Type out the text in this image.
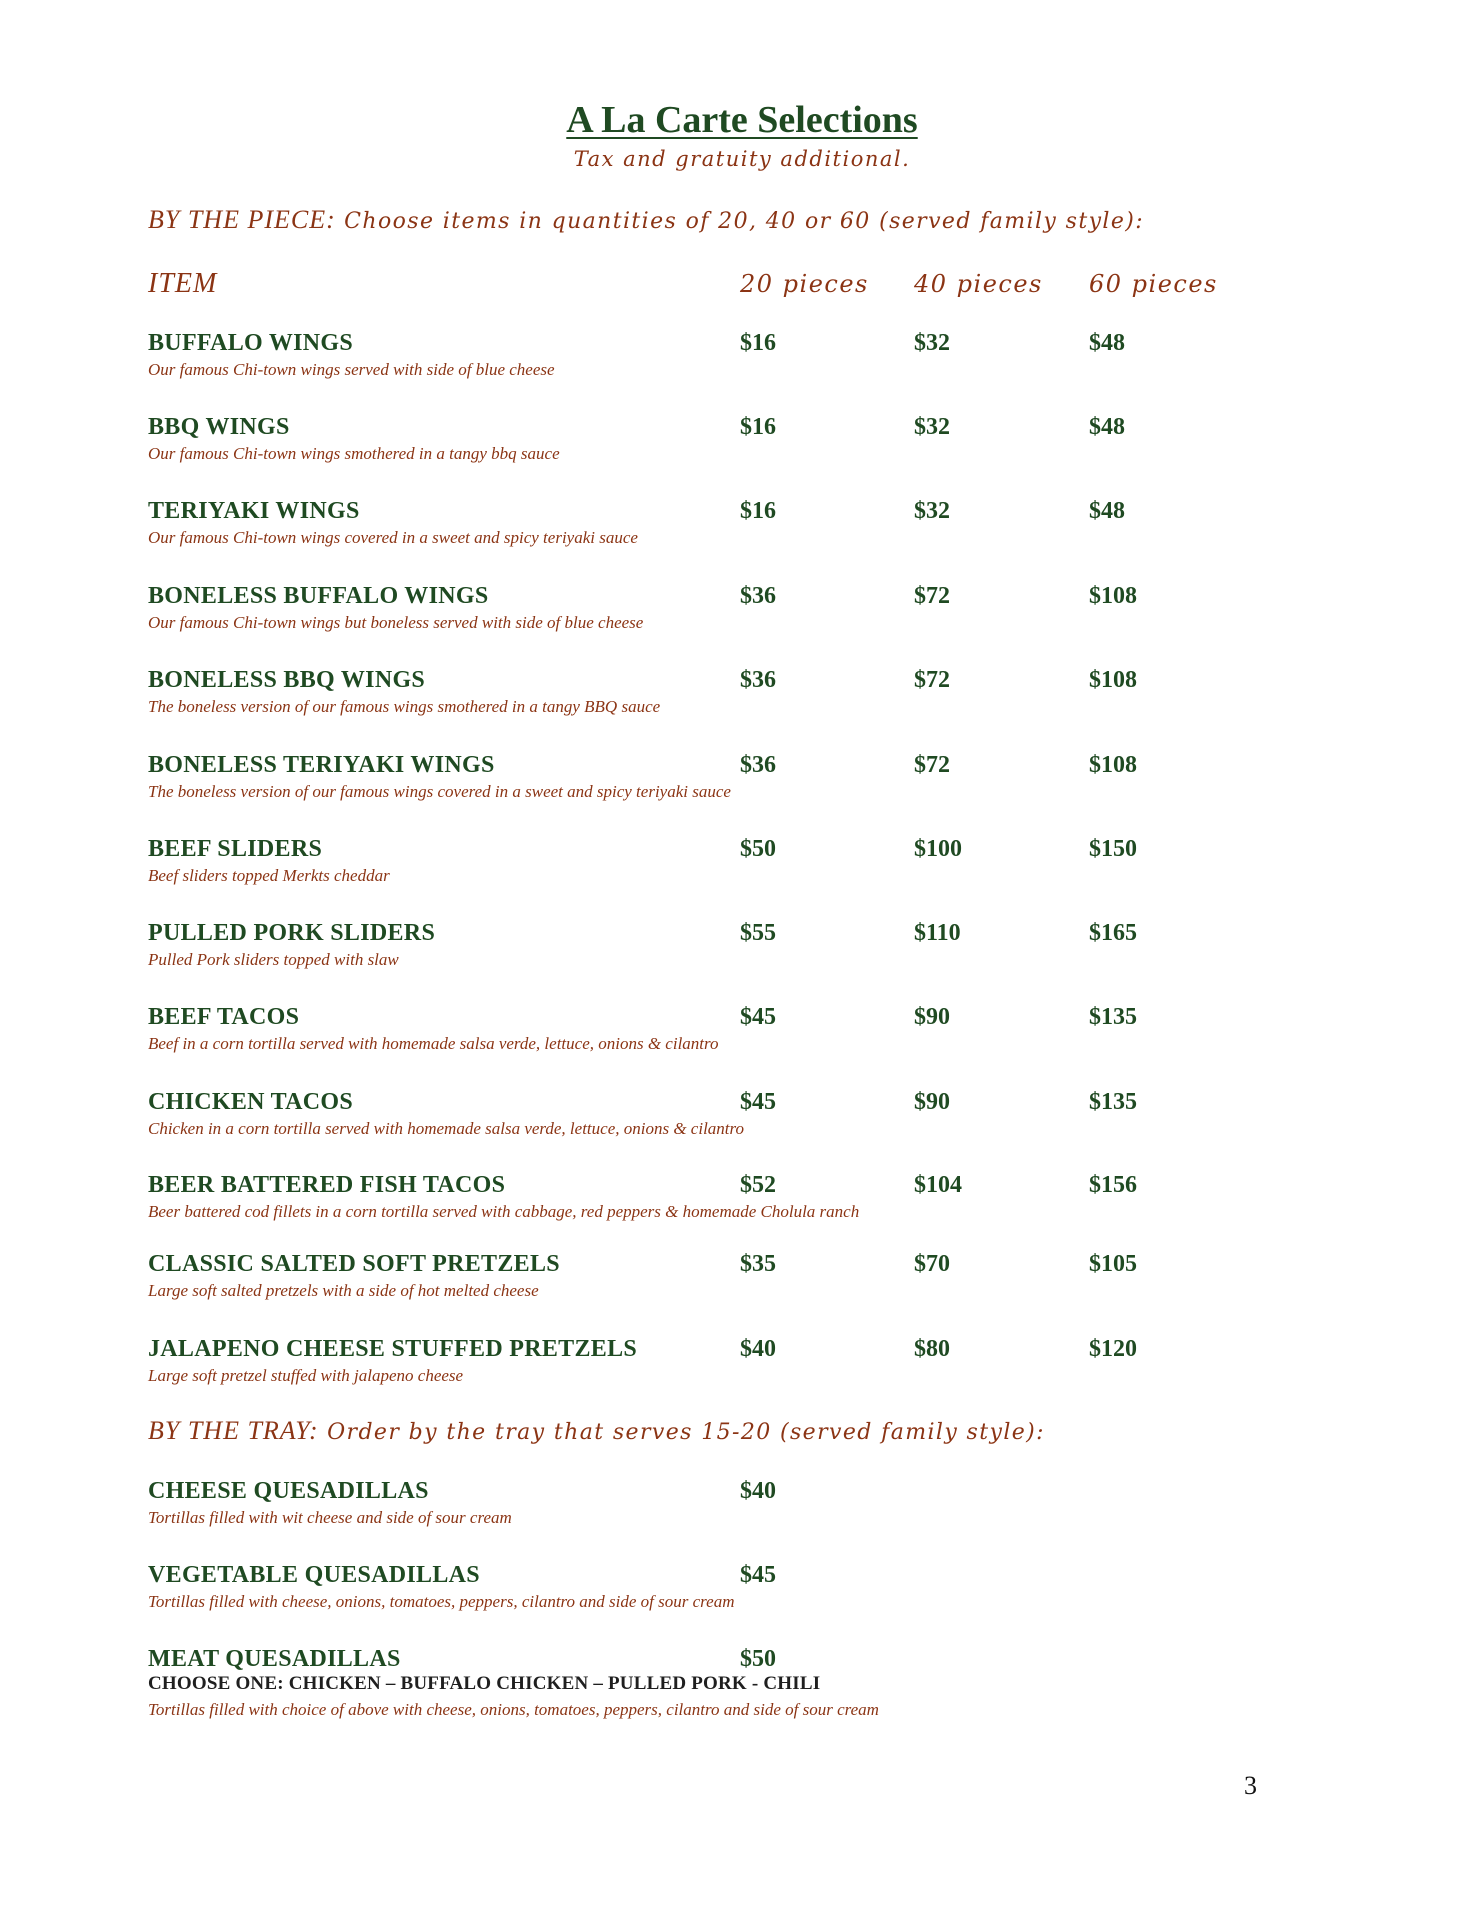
A La Carte Selections
Tax and gratuity additional.
BY THE PIECE: Choose items in quantities of 20, 40 or 60 (served family style):
ITEM	20 pieces 40 pieces 60 pieces
BUFFALO WINGS	$16	$32	$48
Our famous Chi-town wings served with side of blue cheese
BBQ WINGS	$16	$32	$48
Our famous Chi-town wings smothered in a tangy bbq sauce
TERIYAKI WINGS	$16	$32	$48
Our famous Chi-town wings covered in a sweet and spicy teriyaki sauce
BONELESS BUFFALO WINGS	$36	$72	$108
Our famous Chi-town wings but boneless served with side of blue cheese
BONELESS BBQ WINGS	$36	$72	$108
The boneless version of our famous wings smothered in a tangy BBQ sauce
BONELESS TERIYAKI WINGS	$36	$72	$108
The boneless version of our famous wings covered in a sweet and spicy teriyaki sauce
BEEF SLIDERS	$50	$100	$150
Beef sliders topped Merkts cheddar
PULLED PORK SLIDERS	$55	$110	$165
Pulled Pork sliders topped with slaw
BEEF TACOS	$45	$90	$135
Beef in a corn tortilla served with homemade salsa verde, lettuce, onions & cilantro
CHICKEN TACOS	$45	$90	$135
Chicken in a corn tortilla served with homemade salsa verde, lettuce, onions & cilantro
BEER BATTERED FISH TACOS	$52	$104	$156
Beer battered cod fillets in a corn tortilla served with cabbage, red peppers & homemade Cholula ranch
CLASSIC SALTED SOFT PRETZELS	$35	$70	$105
Large soft salted pretzels with a side of hot melted cheese
JALAPENO CHEESE STUFFED PRETZELS	$40	$80	$120
Large soft pretzel stuffed with jalapeno cheese
BY THE TRAY: Order by the tray that serves 15-20 (served family style):
CHEESE QUESADILLAS	$40
Tortillas filled with wit cheese and side of sour cream
VEGETABLE QUESADILLAS	$45
Tortillas filled with cheese, onions, tomatoes, peppers, cilantro and side of sour cream
MEAT QUESADILLAS	$50
CHOOSE ONE: CHICKEN – BUFFALO CHICKEN – PULLED PORK - CHILI
Tortillas filled with choice of above with cheese, onions, tomatoes, peppers, cilantro and side of sour cream
3
